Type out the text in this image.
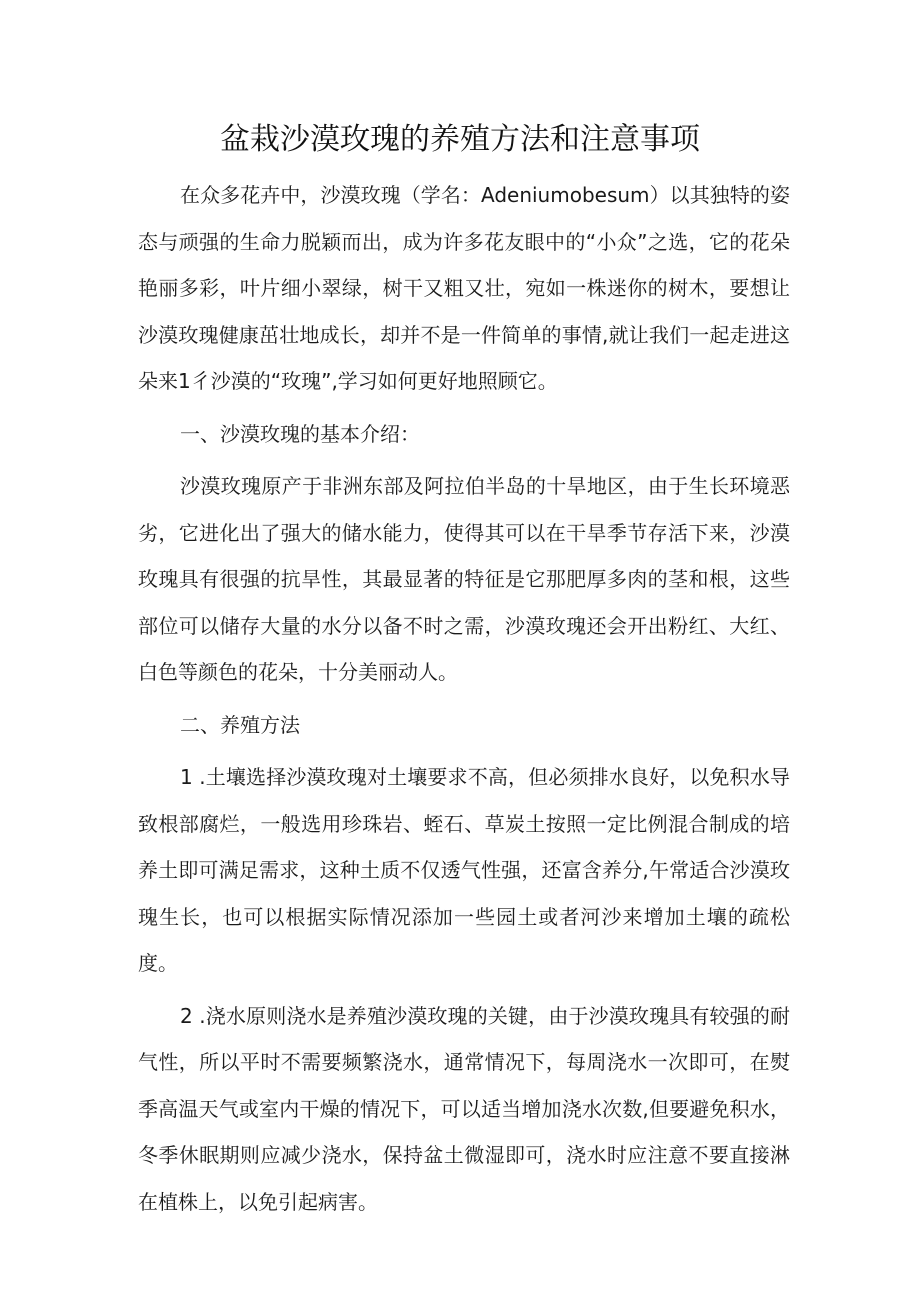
盆栽沙漠玫瑰的养殖方法和注意事项

在众多花卉中，沙漠玫瑰（学名：Adeniumobesum）以其独特的姿态与顽强的生命力脱颖而出，成为许多花友眼中的“小众”之选，它的花朵艳丽多彩，叶片细小翠绿，树干又粗又壮，宛如一株迷你的树木，要想让沙漠玫瑰健康茁壮地成长，却并不是一件简单的事情,就让我们一起走进这朵来1彳沙漠的“玫瑰”,学习如何更好地照顾它。

一、沙漠玫瑰的基本介绍：

沙漠玫瑰原产于非洲东部及阿拉伯半岛的十旱地区，由于生长环境恶劣，它进化出了强大的储水能力，使得其可以在干旱季节存活下来，沙漠玫瑰具有很强的抗旱性，其最显著的特征是它那肥厚多肉的茎和根，这些部位可以储存大量的水分以备不时之需，沙漠玫瑰还会开出粉红、大红、白色等颜色的花朵，十分美丽动人。

二、养殖方法

1 .土壤选择沙漠玫瑰对土壤要求不高，但必须排水良好，以免积水导致根部腐烂，一般选用珍珠岩、蛭石、草炭土按照一定比例混合制成的培养土即可满足需求，这种土质不仅透气性强，还富含养分,午常适合沙漠玫瑰生长，也可以根据实际情况添加一些园土或者河沙来增加土壤的疏松度。

2 .浇水原则浇水是养殖沙漠玫瑰的关键，由于沙漠玫瑰具有较强的耐气性，所以平时不需要频繁浇水，通常情况下，每周浇水一次即可，在熨季高温天气或室内干燥的情况下，可以适当增加浇水次数,但要避免积水，冬季休眠期则应减少浇水，保持盆土微湿即可，浇水时应注意不要直接淋在植株上，以免引起病害。
